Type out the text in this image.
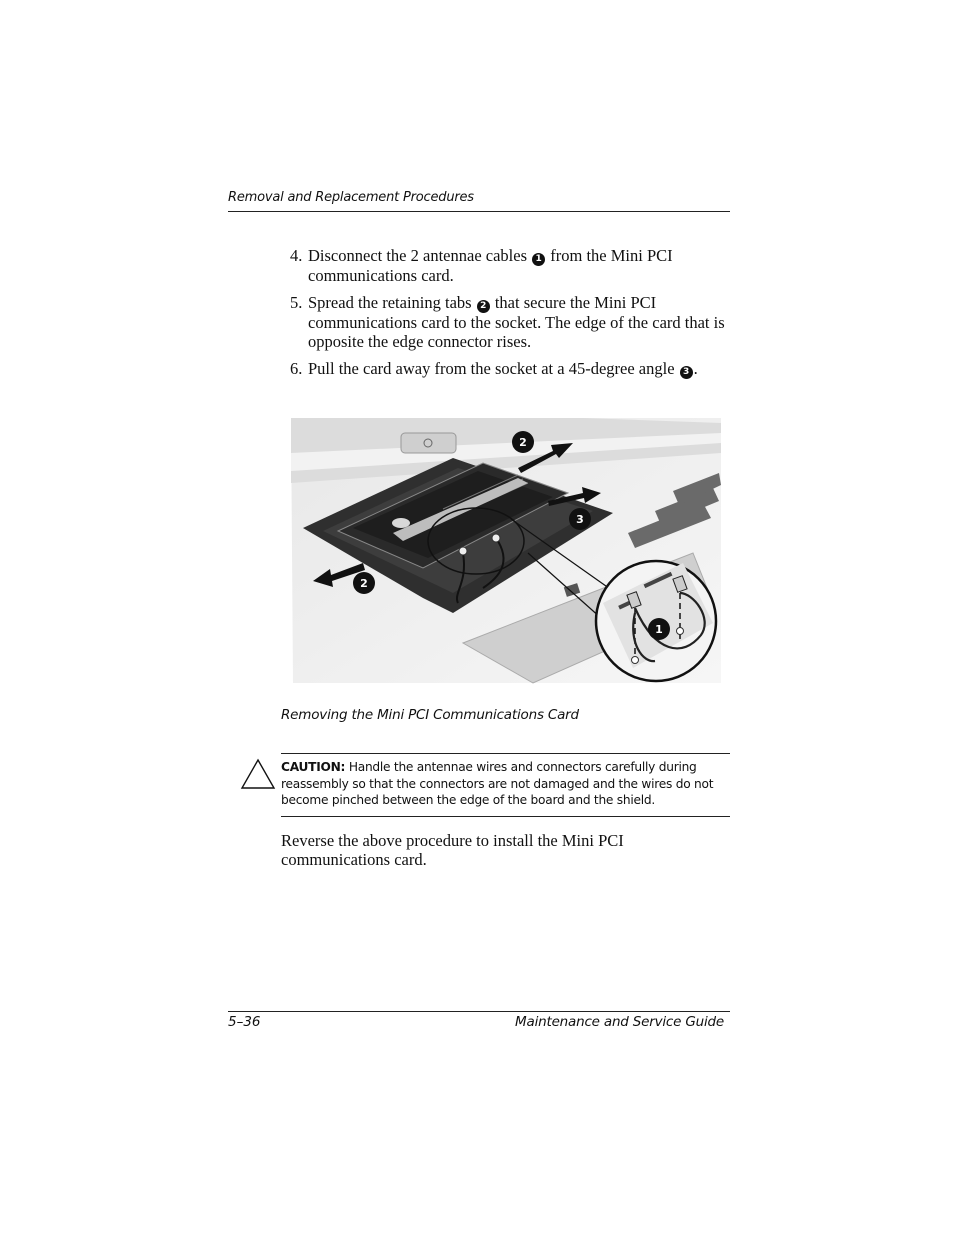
Removal and Replacement Procedures
4. Disconnect the 2 antennae cables 1 from the Mini PCI communications card.
5. Spread the retaining tabs 2 that secure the Mini PCI communications card to the socket. The edge of the card that is opposite the edge connector rises.
6. Pull the card away from the socket at a 45-degree angle 3 .
2
3
2
1
Removing the Mini PCI Communications Card
CAUTION: Handle the antennae wires and connectors carefully during reassembly so that the connectors are not damaged and the wires do not become pinched between the edge of the board and the shield.
Reverse the above procedure to install the Mini PCI communications card.
5–36	Maintenance and Service Guide
